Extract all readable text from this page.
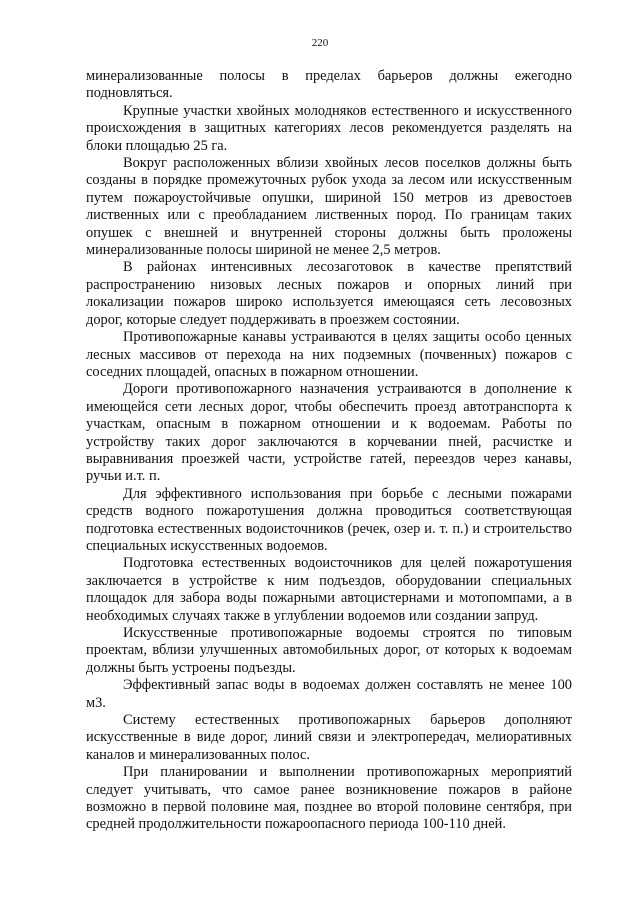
220

минерализованные полосы в пределах барьеров должны ежегодно подновляться.

Крупные участки хвойных молодняков естественного и искусственного происхождения в защитных категориях лесов рекомендуется разделять на блоки площадью 25 га.

Вокруг расположенных вблизи хвойных лесов поселков должны быть созданы в порядке промежуточных рубок ухода за лесом или искусственным путем пожароустойчивые опушки, шириной 150 метров из древостоев лиственных или с преобладанием лиственных пород. По границам таких опушек с внешней и внутренней стороны должны быть проложены минерализованные полосы шириной не менее 2,5 метров.

В районах интенсивных лесозаготовок в качестве препятствий распространению низовых лесных пожаров и опорных линий при локализации пожаров широко используется имеющаяся сеть лесовозных дорог, которые следует поддерживать в проезжем состоянии.

Противопожарные канавы устраиваются в целях защиты особо ценных лесных массивов от перехода на них подземных (почвенных) пожаров с соседних площадей, опасных в пожарном отношении.

Дороги противопожарного назначения устраиваются в дополнение к имеющейся сети лесных дорог, чтобы обеспечить проезд автотранспорта к участкам, опасным в пожарном отношении и к водоемам. Работы по устройству таких дорог заключаются в корчевании пней, расчистке и выравнивания проезжей части, устройстве гатей, переездов через канавы, ручьи и.т. п.

Для эффективного использования при борьбе с лесными пожарами средств водного пожаротушения должна проводиться соответствующая подготовка естественных водоисточников (речек, озер и. т. п.) и строительство специальных искусственных водоемов.

Подготовка естественных водоисточников для целей пожаротушения заключается в устройстве к ним подъездов, оборудовании специальных площадок для забора воды пожарными автоцистернами и мотопомпами, а в необходимых случаях также в углублении водоемов или создании запруд.

Искусственные противопожарные водоемы строятся по типовым проектам, вблизи улучшенных автомобильных дорог, от которых к водоемам должны быть устроены подъезды.

Эффективный запас воды в водоемах должен составлять не менее 100 м3.

Систему естественных противопожарных барьеров дополняют искусственные в виде дорог, линий связи и электропередач, мелиоративных каналов и минерализованных полос.

При планировании и выполнении противопожарных мероприятий следует учитывать, что самое ранее возникновение пожаров в районе возможно в первой половине мая, позднее во второй половине сентября, при средней продолжительности пожароопасного периода 100-110 дней.
